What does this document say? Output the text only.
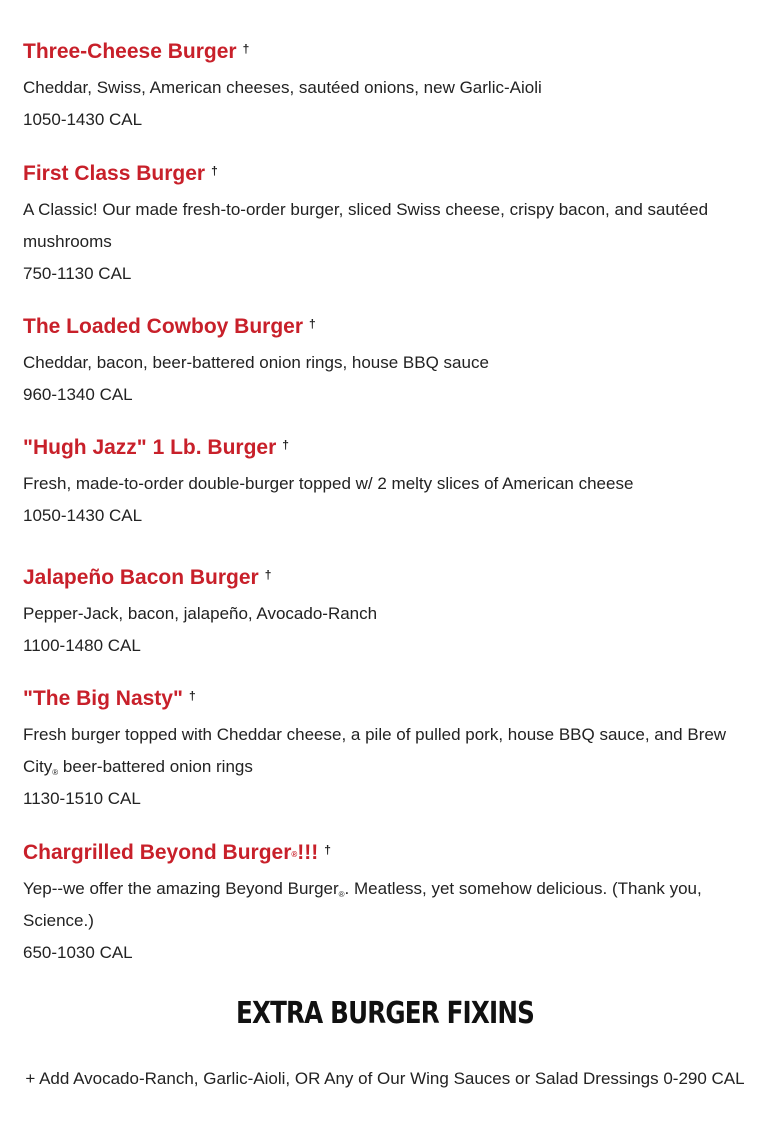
Three-Cheese Burger †

Cheddar, Swiss, American cheeses, sautéed onions, new Garlic-Aioli

1050-1430 CAL

First Class Burger †

A Classic! Our made fresh-to-order burger, sliced Swiss cheese, crispy bacon, and sautéed mushrooms

750-1130 CAL

The Loaded Cowboy Burger †

Cheddar, bacon, beer-battered onion rings, house BBQ sauce

960-1340 CAL

"Hugh Jazz" 1 Lb. Burger †

Fresh, made-to-order double-burger topped w/ 2 melty slices of American cheese

1050-1430 CAL

Jalapeño Bacon Burger †

Pepper-Jack, bacon, jalapeño, Avocado-Ranch

1100-1480 CAL

"The Big Nasty" †

Fresh burger topped with Cheddar cheese, a pile of pulled pork, house BBQ sauce, and Brew City® beer-battered onion rings

1130-1510 CAL

Chargrilled Beyond Burger®!!! †

Yep--we offer the amazing Beyond Burger®. Meatless, yet somehow delicious. (Thank you, Science.)

650-1030 CAL

EXTRA BURGER FIXINS
+ Add Avocado-Ranch, Garlic-Aioli, OR Any of Our Wing Sauces or Salad Dressings 0-290 CAL
